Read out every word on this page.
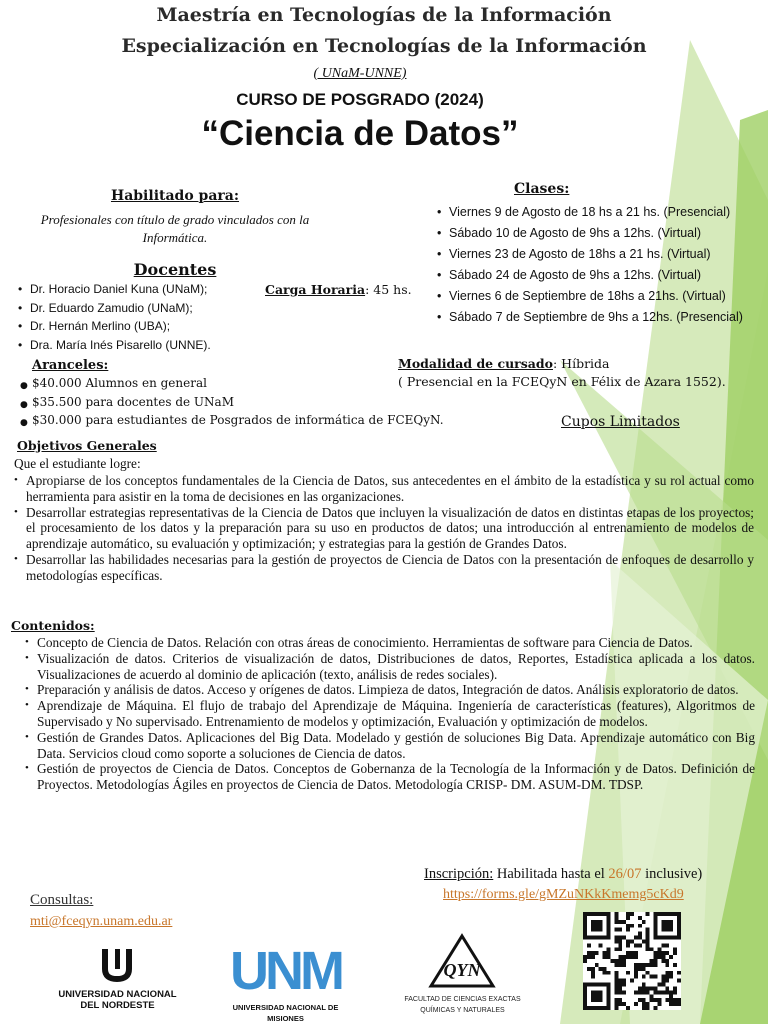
Maestría en Tecnologías de la Información
Especialización en Tecnologías de la Información
( UNaM-UNNE)
CURSO DE POSGRADO (2024)
“Ciencia de Datos”
Habilitado para:
Profesionales con título de grado vinculados con la Informática.
Docentes
• Dr. Horacio Daniel Kuna (UNaM);
• Dr. Eduardo Zamudio (UNaM);
• Dr. Hernán Merlino (UBA);
• Dra. María Inés Pisarello (UNNE).
Carga Horaria: 45 hs.
Clases:
• Viernes 9 de Agosto de 18 hs a 21 hs. (Presencial)
• Sábado 10 de Agosto de 9hs a 12hs. (Virtual)
• Viernes 23 de Agosto de 18hs a 21 hs. (Virtual)
• Sábado 24 de Agosto de 9hs a 12hs. (Virtual)
• Viernes 6 de Septiembre de 18hs a 21hs. (Virtual)
• Sábado 7 de Septiembre de 9hs a 12hs. (Presencial)
Aranceles:
● $40.000 Alumnos en general
● $35.500 para docentes de UNaM
● $30.000 para estudiantes de Posgrados de informática de FCEQyN.
Modalidad de cursado: Híbrida
( Presencial en la FCEQyN en Félix de Azara 1552).
Cupos Limitados
Objetivos Generales
Que el estudiante logre:
• Apropiarse de los conceptos fundamentales de la Ciencia de Datos, sus antecedentes en el ámbito de la estadística y su rol actual como herramienta para asistir en la toma de decisiones en las organizaciones.
• Desarrollar estrategias representativas de la Ciencia de Datos que incluyen la visualización de datos en distintas etapas de los proyectos; el procesamiento de los datos y la preparación para su uso en productos de datos; una introducción al entrenamiento de modelos de aprendizaje automático, su evaluación y optimización; y estrategias para la gestión de Grandes Datos.
• Desarrollar las habilidades necesarias para la gestión de proyectos de Ciencia de Datos con la presentación de enfoques de desarrollo y metodologías específicas.
Contenidos:
• Concepto de Ciencia de Datos. Relación con otras áreas de conocimiento. Herramientas de software para Ciencia de Datos.
• Visualización de datos. Criterios de visualización de datos, Distribuciones de datos, Reportes, Estadística aplicada a los datos. Visualizaciones de acuerdo al dominio de aplicación (texto, análisis de redes sociales).
• Preparación y análisis de datos. Acceso y orígenes de datos. Limpieza de datos, Integración de datos. Análisis exploratorio de datos.
• Aprendizaje de Máquina. El flujo de trabajo del Aprendizaje de Máquina. Ingeniería de características (features), Algoritmos de Supervisado y No supervisado. Entrenamiento de modelos y optimización, Evaluación y optimización de modelos.
• Gestión de Grandes Datos. Aplicaciones del Big Data. Modelado y gestión de soluciones Big Data. Aprendizaje automático con Big Data. Servicios cloud como soporte a soluciones de Ciencia de datos.
• Gestión de proyectos de Ciencia de Datos. Conceptos de Gobernanza de la Tecnología de la Información y de Datos. Definición de Proyectos. Metodologías Ágiles en proyectos de Ciencia de Datos. Metodología CRISP- DM. ASUM-DM. TDSP.
Inscripción: Habilitada hasta el 26/07 inclusive)
https://forms.gle/gMZuNKkKmemg5cKd9
Consultas:
mti@fceqyn.unam.edu.ar
UNIVERSIDAD NACIONAL DEL NORDESTE
UNM
UNIVERSIDAD NACIONAL DE MISIONES
QYN
FACULTAD DE CIENCIAS EXACTAS QUÍMICAS Y NATURALES
